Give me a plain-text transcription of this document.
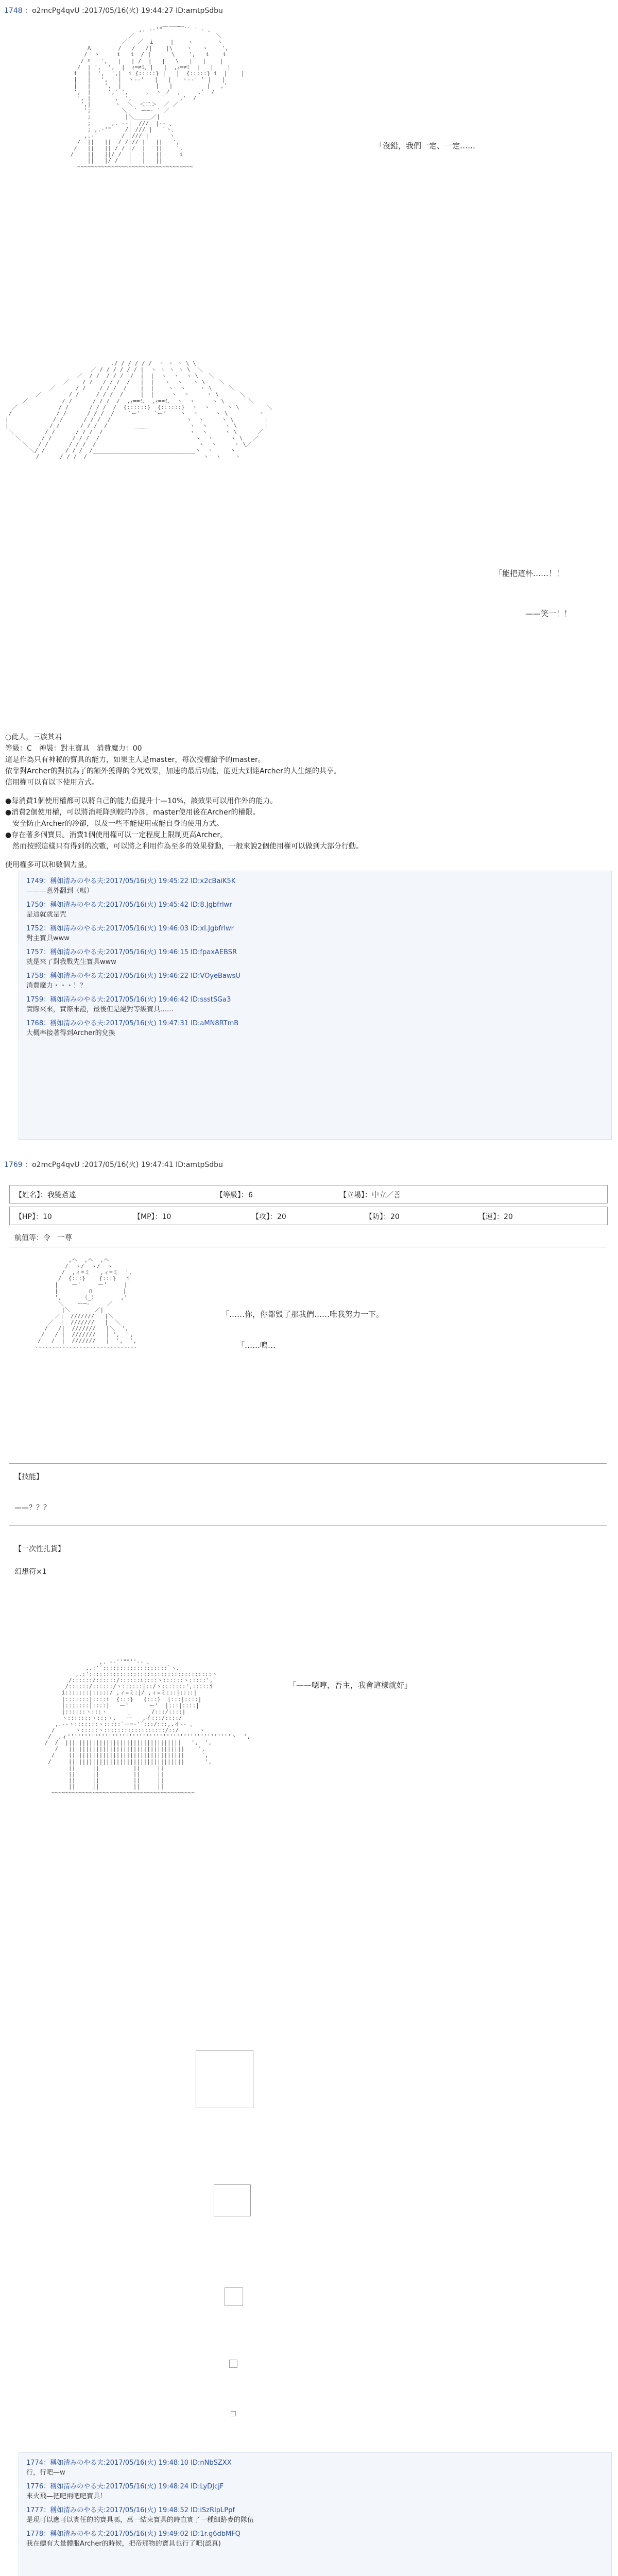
1748 ：o2mcPg4qvU :2017/05/16(火) 19:44:27 ID:amtpSdbu
___
,. -‐'"￣   ￣`` ' ‐ 、
／                        ＼
／   ／  i     |    ヽ       ヽ
Λ        /   /   /|    |\    ヽ   ヽ    ',
/  ヽ     i   i  / |   |  \    ',   i    i
/ ﾊ   ',   |   | /  |   |   \   |   |    |
/  | ',  ',  |  ｨ=≠ﾐ、|   |  ,ｨ=≠ﾐ  |   |    |
i   |  ',  ',|  i {:::::} |   |  {:::::} i  |    |
|   |   ', ' |  ヽ--'   |   |   ヽ--' ' |   |
|   |    ',  |          |   |          |   ,'
',  |     ',' ',     ,  ヽ_ノ  ,     ,'  /
', |      ',  ',              ,'  /
',|       ヽ  ＼  ＜二＞  ／ ／
';         ＼  ` ー─‐ ´ ／
;          |＼_____／|
;      ,. -‐|  ///  |‐- 、
; ,.-'"    /| /// |   `ヽ、
,.-'       / |/// |      ヽ
/  ||   ||  / /|// |   ||   ',
/   ||   || / / |/  |   ||    ',
/    ||   ||/ /  |   |   ||     i
||   |/ /   |   |   ||
~~~~~~~~~~~~~~~~~~~~~~~~~~~~~~~~~~
「沒錯，我們一定、一定……
./ / / / / /  ヽ ヽ ヽ \ \
／ / / / / / / |  ヽ ヽ ヽ ヽ \  ＼
／  / /  / / /  /  |  |  ヽ  ヽ  ヽ \   ＼
／    / /   / / /  /   |  |   ヽ  ヽ   ヽ \    ＼
／      / /    / / /  /    |  |    ヽ  ヽ    ヽ \     ＼
／        / /     / / /  /     |  |     ヽ  ヽ     ヽ \      ＼
／          / /      / / /  /  ,ｨ==ﾐ、 ,ｨ==ﾐ、 ヽ  ヽ     ヽ \       ＼
／            / /      / / /  /  {::::::}  {::::::}  ヽ  ヽ     ヽ \        ＼
/             / /      / / /  /    `ー'    `ー'    ヽ  ヽ     ヽ \         ヽ
|             / /      / / /  /                      ヽ  ヽ     ヽ \         |
|            / /      / / /  /         ___            ヽ  ヽ     ヽ \        |
＼         / /      / / /  /         ￣￣             ヽ  ヽ     ヽ \      ／
＼      / /      / / /  /                            ヽ  ヽ     ヽ \   ／
＼   / /      / / /  /                              ヽ  ヽ     ヽ \／
＼/ /      / / /  /______________________________ヽ  ヽ     ヽ
/      / / /  /                                  ヽ  ヽ    ヽ
「能把這杯……！！
——笑一！！
○此人，三族其君
等級：C　神裝：對主寶具　消費魔力：00
這是作為只有神秘的寶具的能力，如果主人是master，每次授權給予的master。
依靠對Archer的對抗為了的額外獲得的令咒效果，加速的最后功能，能更大到達Archer的人生經的共享。
信用權可以有以下使用方式。
●每消費1個使用權都可以將自己的能力值提升十—10%，該效果可以用作外的能力。
●消費2個使用權，可以將消耗降到較的冷卻，master使用後在Archer的權限。
　安全防止Archer的冷卻，以及一些不能使用或能自身的使用方式。
●存在著多個寶貝。消費1個使用權可以一定程度上限制更高Archer。
　然而按照這樣只有得到的次數，可以將之利用作為至多的效果發動，一般來說2個使用權可以做到大部分行動。
使用權多可以和數個力量。
1749：稱如清みのやる夫:2017/05/16(火) 19:45:22 ID:x2cBaiK5K
———意外翻到（嗎）
1750：稱如清みのやる夫:2017/05/16(火) 19:45:42 ID:8.Jgbfrlwr
是這就就是咒
1752：稱如清みのやる夫:2017/05/16(火) 19:46:03 ID:xI.Jgbfrlwr
對主寶具www
1757：稱如清みのやる夫:2017/05/16(火) 19:46:15 ID:fpaxAEBSR
就是來了對我戰先生寶具www
1758：稱如清みのやる夫:2017/05/16(火) 19:46:22 ID:VOyeBawsU
消費魔力・・・！？
1759：稱如清みのやる夫:2017/05/16(火) 19:46:42 ID:ssstSGa3
實際來來，實際來證，最後但是絕對等級寶具……
1768：稱如清みのやる夫:2017/05/16(火) 19:47:31 ID:aMN8RTmB
大概率接著得到Archer的兌換
1769 ：o2mcPg4qvU :2017/05/16(火) 19:47:41 ID:amtpSdbu
【姓名】：我雙蒼遙	【等級】：6	【立場】：中立／善
【HP】：10	【MP】：10	【攻】：20	【防】：20	【運】：20
航值等：令　一尊
,ヘ  ,ヘ  ,ヘ
/  ヽ/  ヽ/  ヽ
/  ,ィ=ミ   ,ィ=ミ  ',
/  {:::}    {:::}   i
|    ー'     ー'     |
|         ∩         |
',      （_）       ,'
＼    ー─‐     ／
|＼_______／|
／|  ///////   |＼
／  |  ///////   |  ＼
/   /|  ///////   |＼  ',
/   / |  ///////   | ',  ',
/   /  |  ///////   |  ',  ',
~~~~~~~~~~~~~~~~~~~~~~~~~~~~~~
「……你，你都毀了那我們……唯我努力一下。
「……鳴…
【技能】
——？？？
【一次性扎貨】
幻想符×1
,. -‐''""''‐- 、
,.:'´:::::::::::::::::::`ヽ、
,.:'::::::::::::::::::::::::::::::::::::ヽ
/::::::/::::::/::::::i::::ヽ::::::ヽ:::::',
/::::::/::::::/ヽ::::::|::/ヽ:::::::',:::::i
i:::::::|:::::/ ,ィ=ミ:|/ ,ィ=ミ:::|::::|
|:::::::|::::i  {:::}   {:::}  |:::|::::|
|:::::::|::::|   ー'      ー'  |:::|::::|
|::::::ヽ:::ヽ      _      /:::/::::|
ヽ:::::::ヽ:::ヽ.   ー   ,イ:::/::::/
,.-‐ヽ:::::::ヽ:::::`ー─‐'´:::/:::,.イ‐- 、
/      ヽ:::::ヽ::::::::::::::::::/::/      ヽ
/  ,ィ''''''''''''''''''''''''''''''''''''''''''''''''ヽ  ',
/  /  ||||||||||||||||||||||||||||||||||   ',  ',
/   ||||||||||||||||||||||||||||||||||    ',
/    ||||||||||||||||||||||||||||||||||     ',
/     ||||||||||||||||||||||||||||||||||      ',
||     ||          ||     ||
||     ||          ||     ||
||     ||          ||     ||
||     ||          ||     ||
~~~~~~~~~~~~~~~~~~~~~~~~~~~~~~~~~~~~~~~~~~
「——嗯哼，吾主，我會這樣就好」
1774：稱如清みのやる夫:2017/05/16(火) 19:48:10 ID:nNbSZXX
行，行吧—w
1776：稱如清みのやる夫:2017/05/16(火) 19:48:24 ID:LyDJcjF
來火飛—把吧兩吧吧寶具！
1777：稱如清みのやる夫:2017/05/16(火) 19:48:52 ID:iSzRlpLPpf
是現可以應可以實任的的寶具嗎，萬一結束寶具的時直實了一種細路麥的隊伍
1778：稱如清みのやる夫:2017/05/16(火) 19:49:02 ID:1r.g6dbMFQ
我在總有大量體服Archer的時候，把帝那物的寶具也行了吧(認真)
